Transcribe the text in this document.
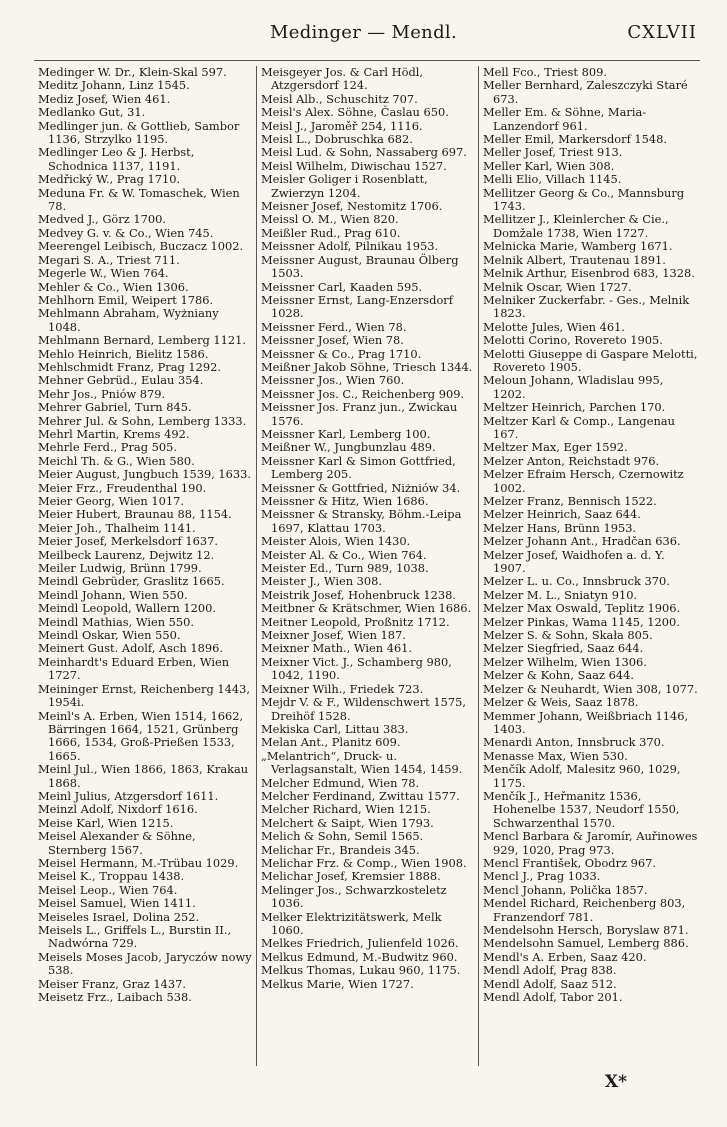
Medinger — Mendl.	CXLVII
Medinger W. Dr., Klein-Skal 597.
Meditz Johann, Linz 1545.
Mediz Josef, Wien 461.
Medlanko Gut, 31.
Medlinger jun. & Gottlieb, Sambor 1136, Strzylko 1195.
Medlinger Leo & J. Herbst, Schodnica 1137, 1191.
Medřický W., Prag 1710.
Meduna Fr. & W. Tomaschek, Wien 78.
Medved J., Görz 1700.
Medvey G. v. & Co., Wien 745.
Meerengel Leibisch, Buczacz 1002.
Megari S. A., Triest 711.
Megerle W., Wien 764.
Mehler & Co., Wien 1306.
Mehlhorn Emil, Weipert 1786.
Mehlmann Abraham, Wyżniany 1048.
Mehlmann Bernard, Lemberg 1121.
Mehlo Heinrich, Bielitz 1586.
Mehlschmidt Franz, Prag 1292.
Mehner Gebrüd., Eulau 354.
Mehr Jos., Pniów 879.
Mehrer Gabriel, Turn 845.
Mehrer Jul. & Sohn, Lemberg 1333.
Mehrl Martin, Krems 492.
Mehrle Ferd., Prag 505.
Meichl Th. & G., Wien 580.
Meier August, Jungbuch 1539, 1633.
Meier Frz., Freudenthal 190.
Meier Georg, Wien 1017.
Meier Hubert, Braunau 88, 1154.
Meier Joh., Thalheim 1141.
Meier Josef, Merkelsdorf 1637.
Meilbeck Laurenz, Dejwitz 12.
Meiler Ludwig, Brünn 1799.
Meindl Gebrüder, Graslitz 1665.
Meindl Johann, Wien 550.
Meindl Leopold, Wallern 1200.
Meindl Mathias, Wien 550.
Meindl Oskar, Wien 550.
Meinert Gust. Adolf, Asch 1896.
Meinhardt's Eduard Erben, Wien 1727.
Meininger Ernst, Reichenberg 1443, 1954i.
Meinl's A. Erben, Wien 1514, 1662, Bärringen 1664, 1521, Grünberg 1666, 1534, Groß-Prießen 1533, 1665.
Meinl Jul., Wien 1866, 1863, Krakau 1868.
Meinl Julius, Atzgersdorf 1611.
Meinzl Adolf, Nixdorf 1616.
Meise Karl, Wien 1215.
Meisel Alexander & Söhne, Sternberg 1567.
Meisel Hermann, M.-Trübau 1029.
Meisel K., Troppau 1438.
Meisel Leop., Wien 764.
Meisel Samuel, Wien 1411.
Meiseles Israel, Dolina 252.
Meisels L., Griffels L., Burstin II., Nadwórna 729.
Meisels Moses Jacob, Jaryczów nowy 538.
Meiser Franz, Graz 1437.
Meisetz Frz., Laibach 538.
Meisgeyer Jos. & Carl Hödl, Atzgersdorf 124.
Meisl Alb., Schuschitz 707.
Meisl's Alex. Söhne, Časlau 650.
Meisl J., Jaroměř 254, 1116.
Meisl L., Dobruschka 682.
Meisl Lud. & Sohn, Nassaberg 697.
Meisl Wilhelm, Diwischau 1527.
Meisler Goliger i Rosenblatt, Zwierzyn 1204.
Meisner Josef, Nestomitz 1706.
Meissl O. M., Wien 820.
Meißler Rud., Prag 610.
Meissner Adolf, Pilnikau 1953.
Meissner August, Braunau Ölberg 1503.
Meissner Carl, Kaaden 595.
Meissner Ernst, Lang-Enzersdorf 1028.
Meissner Ferd., Wien 78.
Meissner Josef, Wien 78.
Meissner & Co., Prag 1710.
Meißner Jakob Söhne, Triesch 1344.
Meissner Jos., Wien 760.
Meissner Jos. C., Reichenberg 909.
Meissner Jos. Franz jun., Zwickau 1576.
Meissner Karl, Lemberg 100.
Meißner W., Jungbunzlau 489.
Meissner Karl & Simon Gottfried, Lemberg 205.
Meissner & Gottfried, Niżniów 34.
Meissner & Hitz, Wien 1686.
Meissner & Stransky, Böhm.-Leipa 1697, Klattau 1703.
Meister Alois, Wien 1430.
Meister Al. & Co., Wien 764.
Meister Ed., Turn 989, 1038.
Meister J., Wien 308.
Meistrik Josef, Hohenbruck 1238.
Meitbner & Krätschmer, Wien 1686.
Meitner Leopold, Proßnitz 1712.
Meixner Josef, Wien 187.
Meixner Math., Wien 461.
Meixner Vict. J., Schamberg 980, 1042, 1190.
Meixner Wilh., Friedek 723.
Mejdr V. & F., Wildenschwert 1575, Dreihöf 1528.
Mekiska Carl, Littau 383.
Melan Ant., Planitz 609.
„Melantrich“, Druck- u. Verlagsanstalt, Wien 1454, 1459.
Melcher Edmund, Wien 78.
Melcher Ferdinand, Zwittau 1577.
Melcher Richard, Wien 1215.
Melchert & Saipt, Wien 1793.
Melich & Sohn, Semil 1565.
Melichar Fr., Brandeis 345.
Melichar Frz. & Comp., Wien 1908.
Melichar Josef, Kremsier 1888.
Melinger Jos., Schwarzkosteletz 1036.
Melker Elektrizitätswerk, Melk 1060.
Melkes Friedrich, Julienfeld 1026.
Melkus Edmund, M.-Budwitz 960.
Melkus Thomas, Lukau 960, 1175.
Melkus Marie, Wien 1727.
Mell Fco., Triest 809.
Meller Bernhard, Zaleszczyki Staré 673.
Meller Em. & Söhne, Maria-Lanzendorf 961.
Meller Emil, Markersdorf 1548.
Meller Josef, Triest 913.
Meller Karl, Wien 308.
Melli Elio, Villach 1145.
Mellitzer Georg & Co., Mannsburg 1743.
Mellitzer J., Kleinlercher & Cie., Domžale 1738, Wien 1727.
Melnicka Marie, Wamberg 1671.
Melnik Albert, Trautenau 1891.
Melnik Arthur, Eisenbrod 683, 1328.
Melnik Oscar, Wien 1727.
Melniker Zuckerfabr. - Ges., Melnik 1823.
Melotte Jules, Wien 461.
Melotti Corino, Rovereto 1905.
Melotti Giuseppe di Gaspare Melotti, Rovereto 1905.
Meloun Johann, Wladislau 995, 1202.
Meltzer Heinrich, Parchen 170.
Meltzer Karl & Comp., Langenau 167.
Meltzer Max, Eger 1592.
Melzer Anton, Reichstadt 976.
Melzer Efraim Hersch, Czernowitz 1002.
Melzer Franz, Bennisch 1522.
Melzer Heinrich, Saaz 644.
Melzer Hans, Brünn 1953.
Melzer Johann Ant., Hradčan 636.
Melzer Josef, Waidhofen a. d. Y. 1907.
Melzer L. u. Co., Innsbruck 370.
Melzer M. L., Sniatyn 910.
Melzer Max Oswald, Teplitz 1906.
Melzer Pinkas, Wama 1145, 1200.
Melzer S. & Sohn, Skała 805.
Melzer Siegfried, Saaz 644.
Melzer Wilhelm, Wien 1306.
Melzer & Kohn, Saaz 644.
Melzer & Neuhardt, Wien 308, 1077.
Melzer & Weis, Saaz 1878.
Memmer Johann, Weißbriach 1146, 1403.
Menardi Anton, Innsbruck 370.
Menasse Max, Wien 530.
Menčík Adolf, Malesitz 960, 1029, 1175.
Menčík J., Heřmanitz 1536, Hohenelbe 1537, Neudorf 1550, Schwarzenthal 1570.
Mencl Barbara & Jaromír, Auřinowes 929, 1020, Prag 973.
Mencl František, Obodrz 967.
Mencl J., Prag 1033.
Mencl Johann, Polička 1857.
Mendel Richard, Reichenberg 803, Franzendorf 781.
Mendelsohn Hersch, Boryslaw 871.
Mendelsohn Samuel, Lemberg 886.
Mendl's A. Erben, Saaz 420.
Mendl Adolf, Prag 838.
Mendl Adolf, Saaz 512.
Mendl Adolf, Tabor 201.
X*
